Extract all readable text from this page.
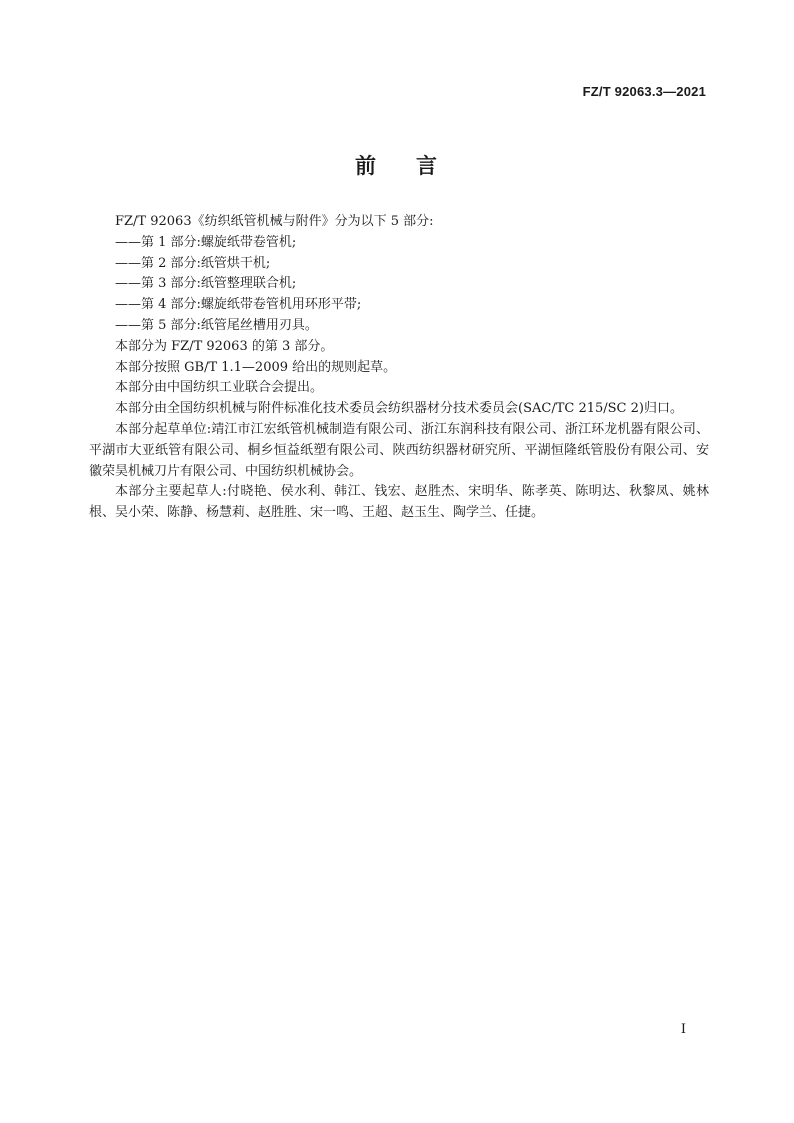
FZ/T 92063.3—2021
前 言

FZ/T 92063《纺织纸管机械与附件》分为以下 5 部分:

——第 1 部分:螺旋纸带卷管机;

——第 2 部分:纸管烘干机;

——第 3 部分:纸管整理联合机;

——第 4 部分:螺旋纸带卷管机用环形平带;

——第 5 部分:纸管尾丝槽用刃具。

本部分为 FZ/T 92063 的第 3 部分。

本部分按照 GB/T 1.1—2009 给出的规则起草。

本部分由中国纺织工业联合会提出。

本部分由全国纺织机械与附件标准化技术委员会纺织器材分技术委员会(SAC/TC 215/SC 2)归口。

本部分起草单位:靖江市江宏纸管机械制造有限公司、浙江东润科技有限公司、浙江环龙机器有限公司、平湖市大亚纸管有限公司、桐乡恒益纸塑有限公司、陕西纺织器材研究所、平湖恒隆纸管股份有限公司、安徽荣昊机械刀片有限公司、中国纺织机械协会。

本部分主要起草人:付晓艳、侯水利、韩江、钱宏、赵胜杰、宋明华、陈孝英、陈明达、秋黎凤、姚林根、吴小荣、陈静、杨慧莉、赵胜胜、宋一鸣、王超、赵玉生、陶学兰、任捷。

I
